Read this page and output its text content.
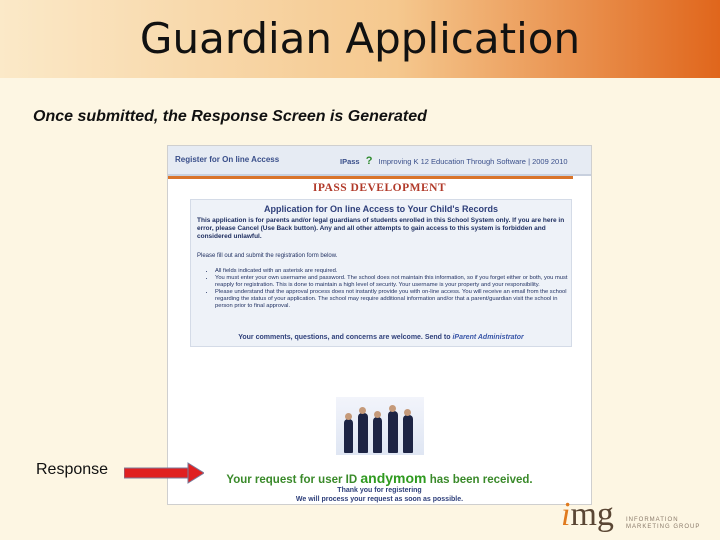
Guardian Application
Once submitted, the Response Screen is Generated
Register for On line Access	IPass ? Improving K 12 Education Through Software | 2009 2010
IPASS DEVELOPMENT
Application for On line Access to Your Child's Records
This application is for parents and/or legal guardians of students enrolled in this School System only. If you are here in error, please Cancel (Use Back button). Any and all other attempts to gain access to this system is forbidden and considered unlawful.
Please fill out and submit the registration form below.
• All fields indicated with an asterisk are required.
• You must enter your own username and password. The school does not maintain this information, so if you forget either or both, you must reapply for registration. This is done to maintain a high level of security. Your username is your property and your responsibility.
• Please understand that the approval process does not instantly provide you with on-line access. You will receive an email from the school regarding the status of your application. The school may require additional information and/or that a parent/guardian visit the school in person prior to final approval.
Your comments, questions, and concerns are welcome. Send to iParent Administrator
Your request for user ID andymom has been received.
Thank you for registering
We will process your request as soon as possible.
Response
img INFORMATION
MARKETING GROUP
